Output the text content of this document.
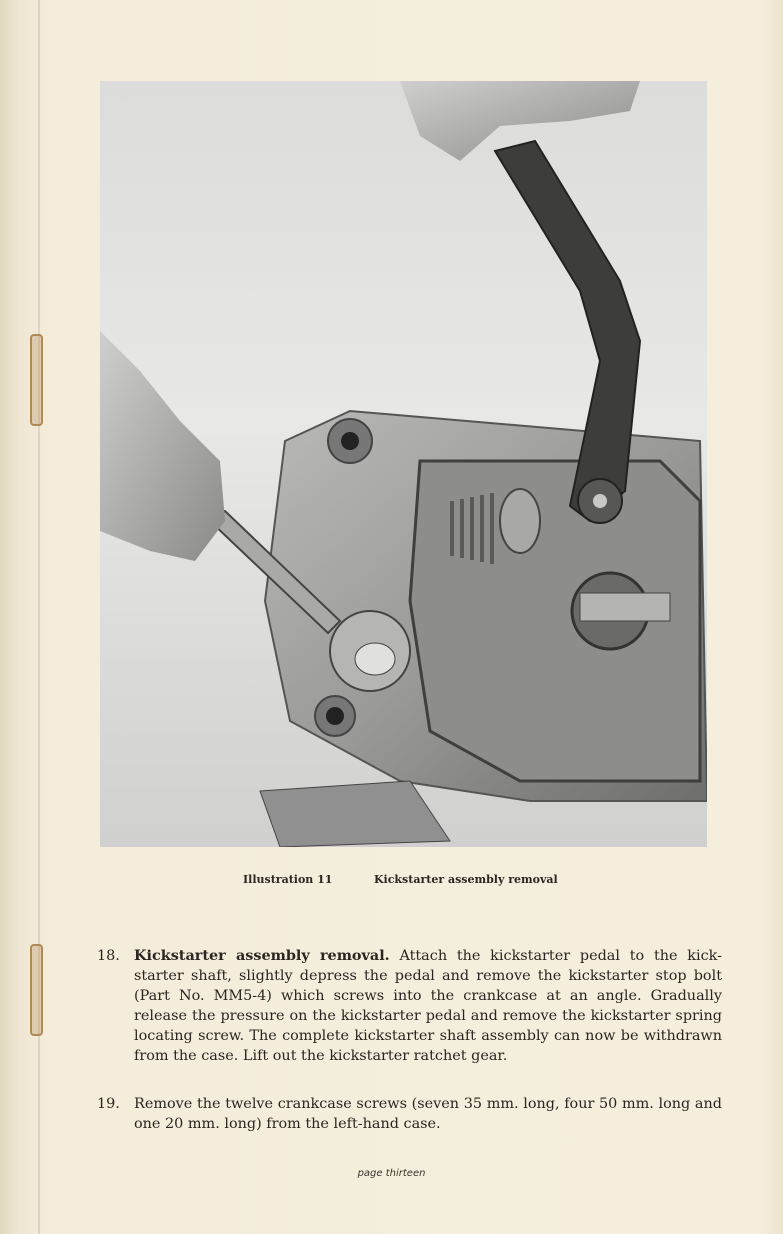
Illustration 11	Kickstarter assembly removal
18. Kickstarter assembly removal. Attach the kickstarter pedal to the kick-starter shaft, slightly depress the pedal and remove the kickstarter stop bolt (Part No. MM5-4) which screws into the crankcase at an angle. Gradually release the pressure on the kickstarter pedal and remove the kickstarter spring locating screw. The complete kickstarter shaft assembly can now be withdrawn from the case. Lift out the kickstarter ratchet gear.
19. Remove the twelve crankcase screws (seven 35 mm. long, four 50 mm. long and one 20 mm. long) from the left-hand case.
page thirteen
